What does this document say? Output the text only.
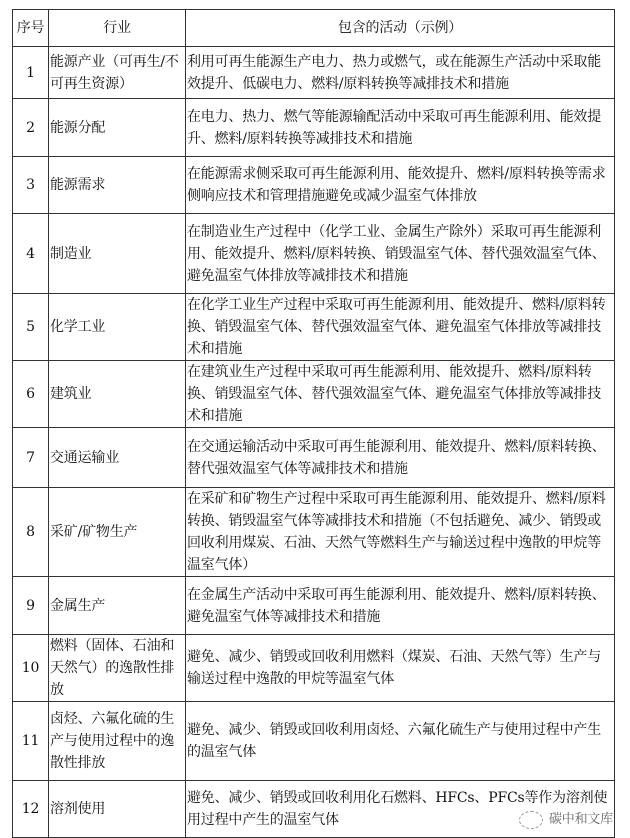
序号	行业	包含的活动（示例）
1	能源产业（可再生/不可再生资源）	利用可再生能源生产电力、热力或燃气，或在能源生产活动中采取能效提升、低碳电力、燃料/原料转换等减排技术和措施
2	能源分配	在电力、热力、燃气等能源输配活动中采取可再生能源利用、能效提升、燃料/原料转换等减排技术和措施
3	能源需求	在能源需求侧采取可再生能源利用、能效提升、燃料/原料转换等需求侧响应技术和管理措施避免或减少温室气体排放
4	制造业	在制造业生产过程中（化学工业、金属生产除外）采取可再生能源利用、能效提升、燃料/原料转换、销毁温室气体、替代强效温室气体、避免温室气体排放等减排技术和措施
5	化学工业	在化学工业生产过程中采取可再生能源利用、能效提升、燃料/原料转换、销毁温室气体、替代强效温室气体、避免温室气体排放等减排技术和措施
6	建筑业	在建筑业生产过程中采取可再生能源利用、能效提升、燃料/原料转换、销毁温室气体、替代强效温室气体、避免温室气体排放等减排技术和措施
7	交通运输业	在交通运输活动中采取可再生能源利用、能效提升、燃料/原料转换、替代强效温室气体等减排技术和措施
8	采矿/矿物生产	在采矿和矿物生产过程中采取可再生能源利用、能效提升、燃料/原料转换、销毁温室气体等减排技术和措施（不包括避免、减少、销毁或回收利用煤炭、石油、天然气等燃料生产与输送过程中逸散的甲烷等温室气体）
9	金属生产	在金属生产活动中采取可再生能源利用、能效提升、燃料/原料转换、避免温室气体等减排技术和措施
10	燃料（固体、石油和天然气）的逸散性排放	避免、减少、销毁或回收利用燃料（煤炭、石油、天然气等）生产与输送过程中逸散的甲烷等温室气体
11	卤烃、六氟化硫的生产与使用过程中的逸散性排放	避免、减少、销毁或回收利用卤烃、六氟化硫生产与使用过程中产生的温室气体
12	溶剂使用	避免、减少、销毁或回收利用化石燃料、HFCs、PFCs等作为溶剂使用过程中产生的温室气体 碳中和文库
